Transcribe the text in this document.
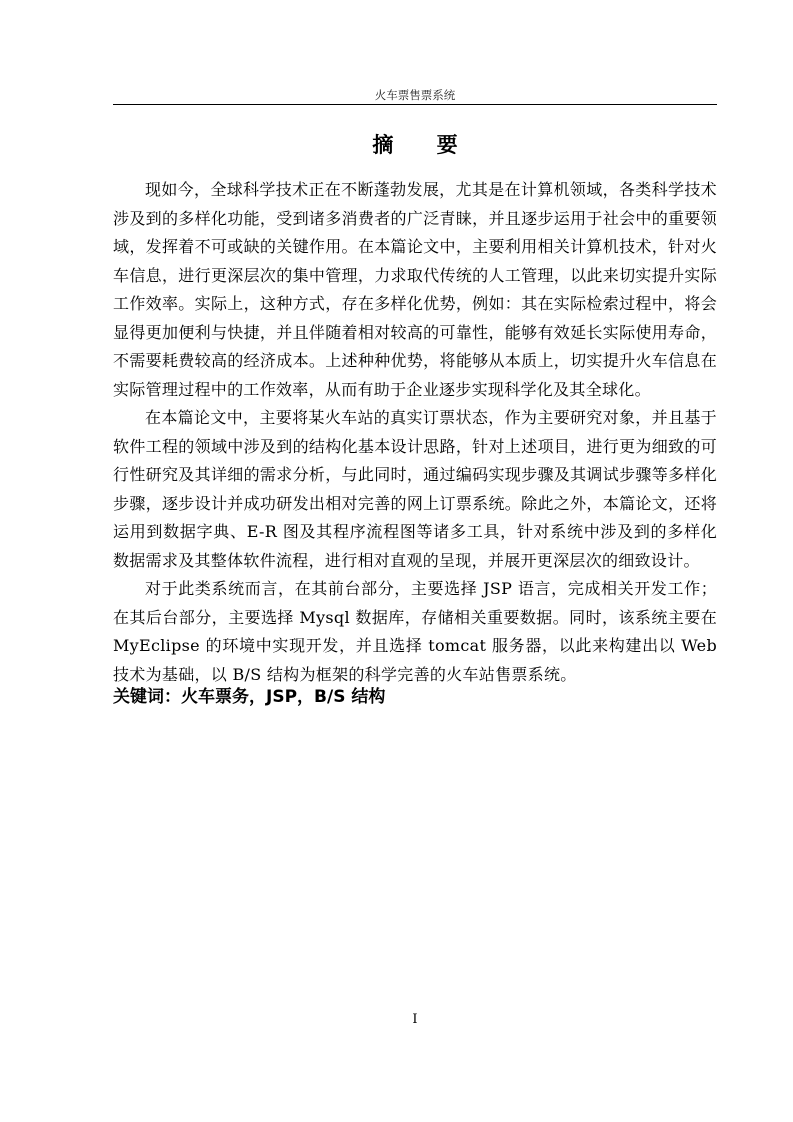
火车票售票系统
摘 要

现如今，全球科学技术正在不断蓬勃发展，尤其是在计算机领域，各类科学技术涉及到的多样化功能，受到诸多消费者的广泛青睐，并且逐步运用于社会中的重要领域，发挥着不可或缺的关键作用。在本篇论文中，主要利用相关计算机技术，针对火车信息，进行更深层次的集中管理，力求取代传统的人工管理，以此来切实提升实际工作效率。实际上，这种方式，存在多样化优势，例如：其在实际检索过程中，将会显得更加便利与快捷，并且伴随着相对较高的可靠性，能够有效延长实际使用寿命，不需要耗费较高的经济成本。上述种种优势，将能够从本质上，切实提升火车信息在实际管理过程中的工作效率，从而有助于企业逐步实现科学化及其全球化。

在本篇论文中，主要将某火车站的真实订票状态，作为主要研究对象，并且基于软件工程的领域中涉及到的结构化基本设计思路，针对上述项目，进行更为细致的可行性研究及其详细的需求分析，与此同时，通过编码实现步骤及其调试步骤等多样化步骤，逐步设计并成功研发出相对完善的网上订票系统。除此之外，本篇论文，还将运用到数据字典、E-R 图及其程序流程图等诸多工具，针对系统中涉及到的多样化数据需求及其整体软件流程，进行相对直观的呈现，并展开更深层次的细致设计。

对于此类系统而言，在其前台部分，主要选择 JSP 语言，完成相关开发工作；在其后台部分，主要选择 Mysql 数据库，存储相关重要数据。同时，该系统主要在 MyEclipse 的环境中实现开发，并且选择 tomcat 服务器，以此来构建出以 Web 技术为基础，以 B/S 结构为框架的科学完善的火车站售票系统。

关键词：火车票务，JSP，B/S 结构
I
